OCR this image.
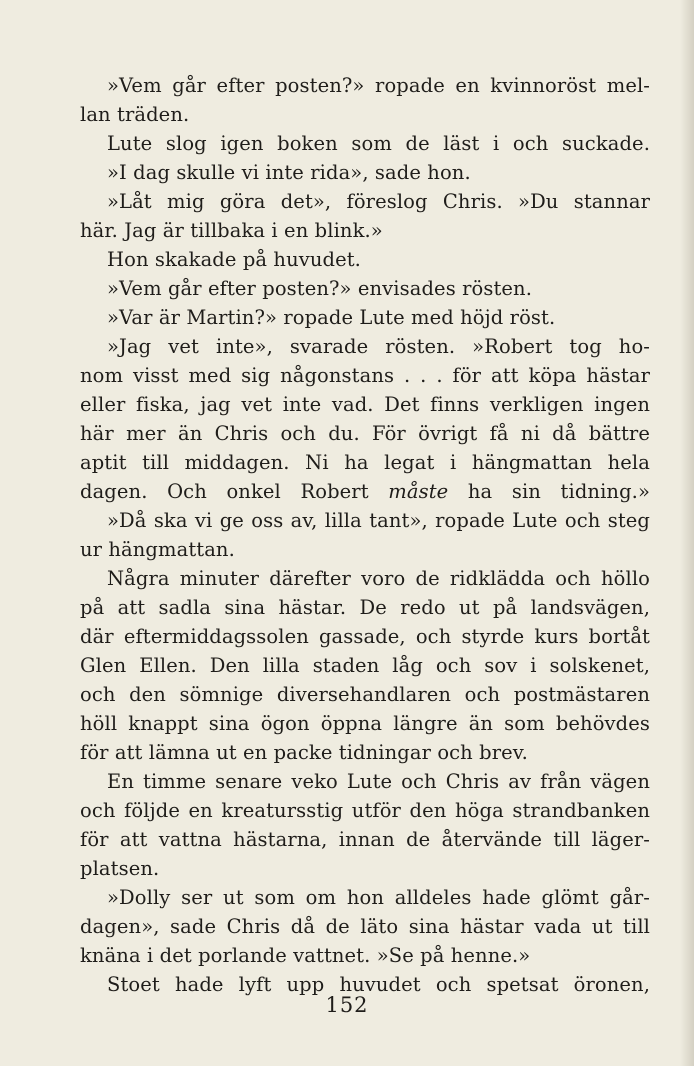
»Vem går efter posten?» ropade en kvinnoröst mel-
lan träden.
Lute slog igen boken som de läst i och suckade.
»I dag skulle vi inte rida», sade hon.
»Låt mig göra det», föreslog Chris. »Du stannar
här. Jag är tillbaka i en blink.»
Hon skakade på huvudet.
»Vem går efter posten?» envisades rösten.
»Var är Martin?» ropade Lute med höjd röst.
»Jag vet inte», svarade rösten. »Robert tog ho-
nom visst med sig någonstans . . . för att köpa hästar
eller fiska, jag vet inte vad. Det finns verkligen ingen
här mer än Chris och du. För övrigt få ni då bättre
aptit till middagen. Ni ha legat i hängmattan hela
dagen. Och onkel Robert måste ha sin tidning.»
»Då ska vi ge oss av, lilla tant», ropade Lute och steg
ur hängmattan.
Några minuter därefter voro de ridklädda och höllo
på att sadla sina hästar. De redo ut på landsvägen,
där eftermiddagssolen gassade, och styrde kurs bortåt
Glen Ellen. Den lilla staden låg och sov i solskenet,
och den sömnige diversehandlaren och postmästaren
höll knappt sina ögon öppna längre än som behövdes
för att lämna ut en packe tidningar och brev.
En timme senare veko Lute och Chris av från vägen
och följde en kreatursstig utför den höga strandbanken
för att vattna hästarna, innan de återvände till läger-
platsen.
»Dolly ser ut som om hon alldeles hade glömt går-
dagen», sade Chris då de läto sina hästar vada ut till
knäna i det porlande vattnet. »Se på henne.»
Stoet hade lyft upp huvudet och spetsat öronen,
152
